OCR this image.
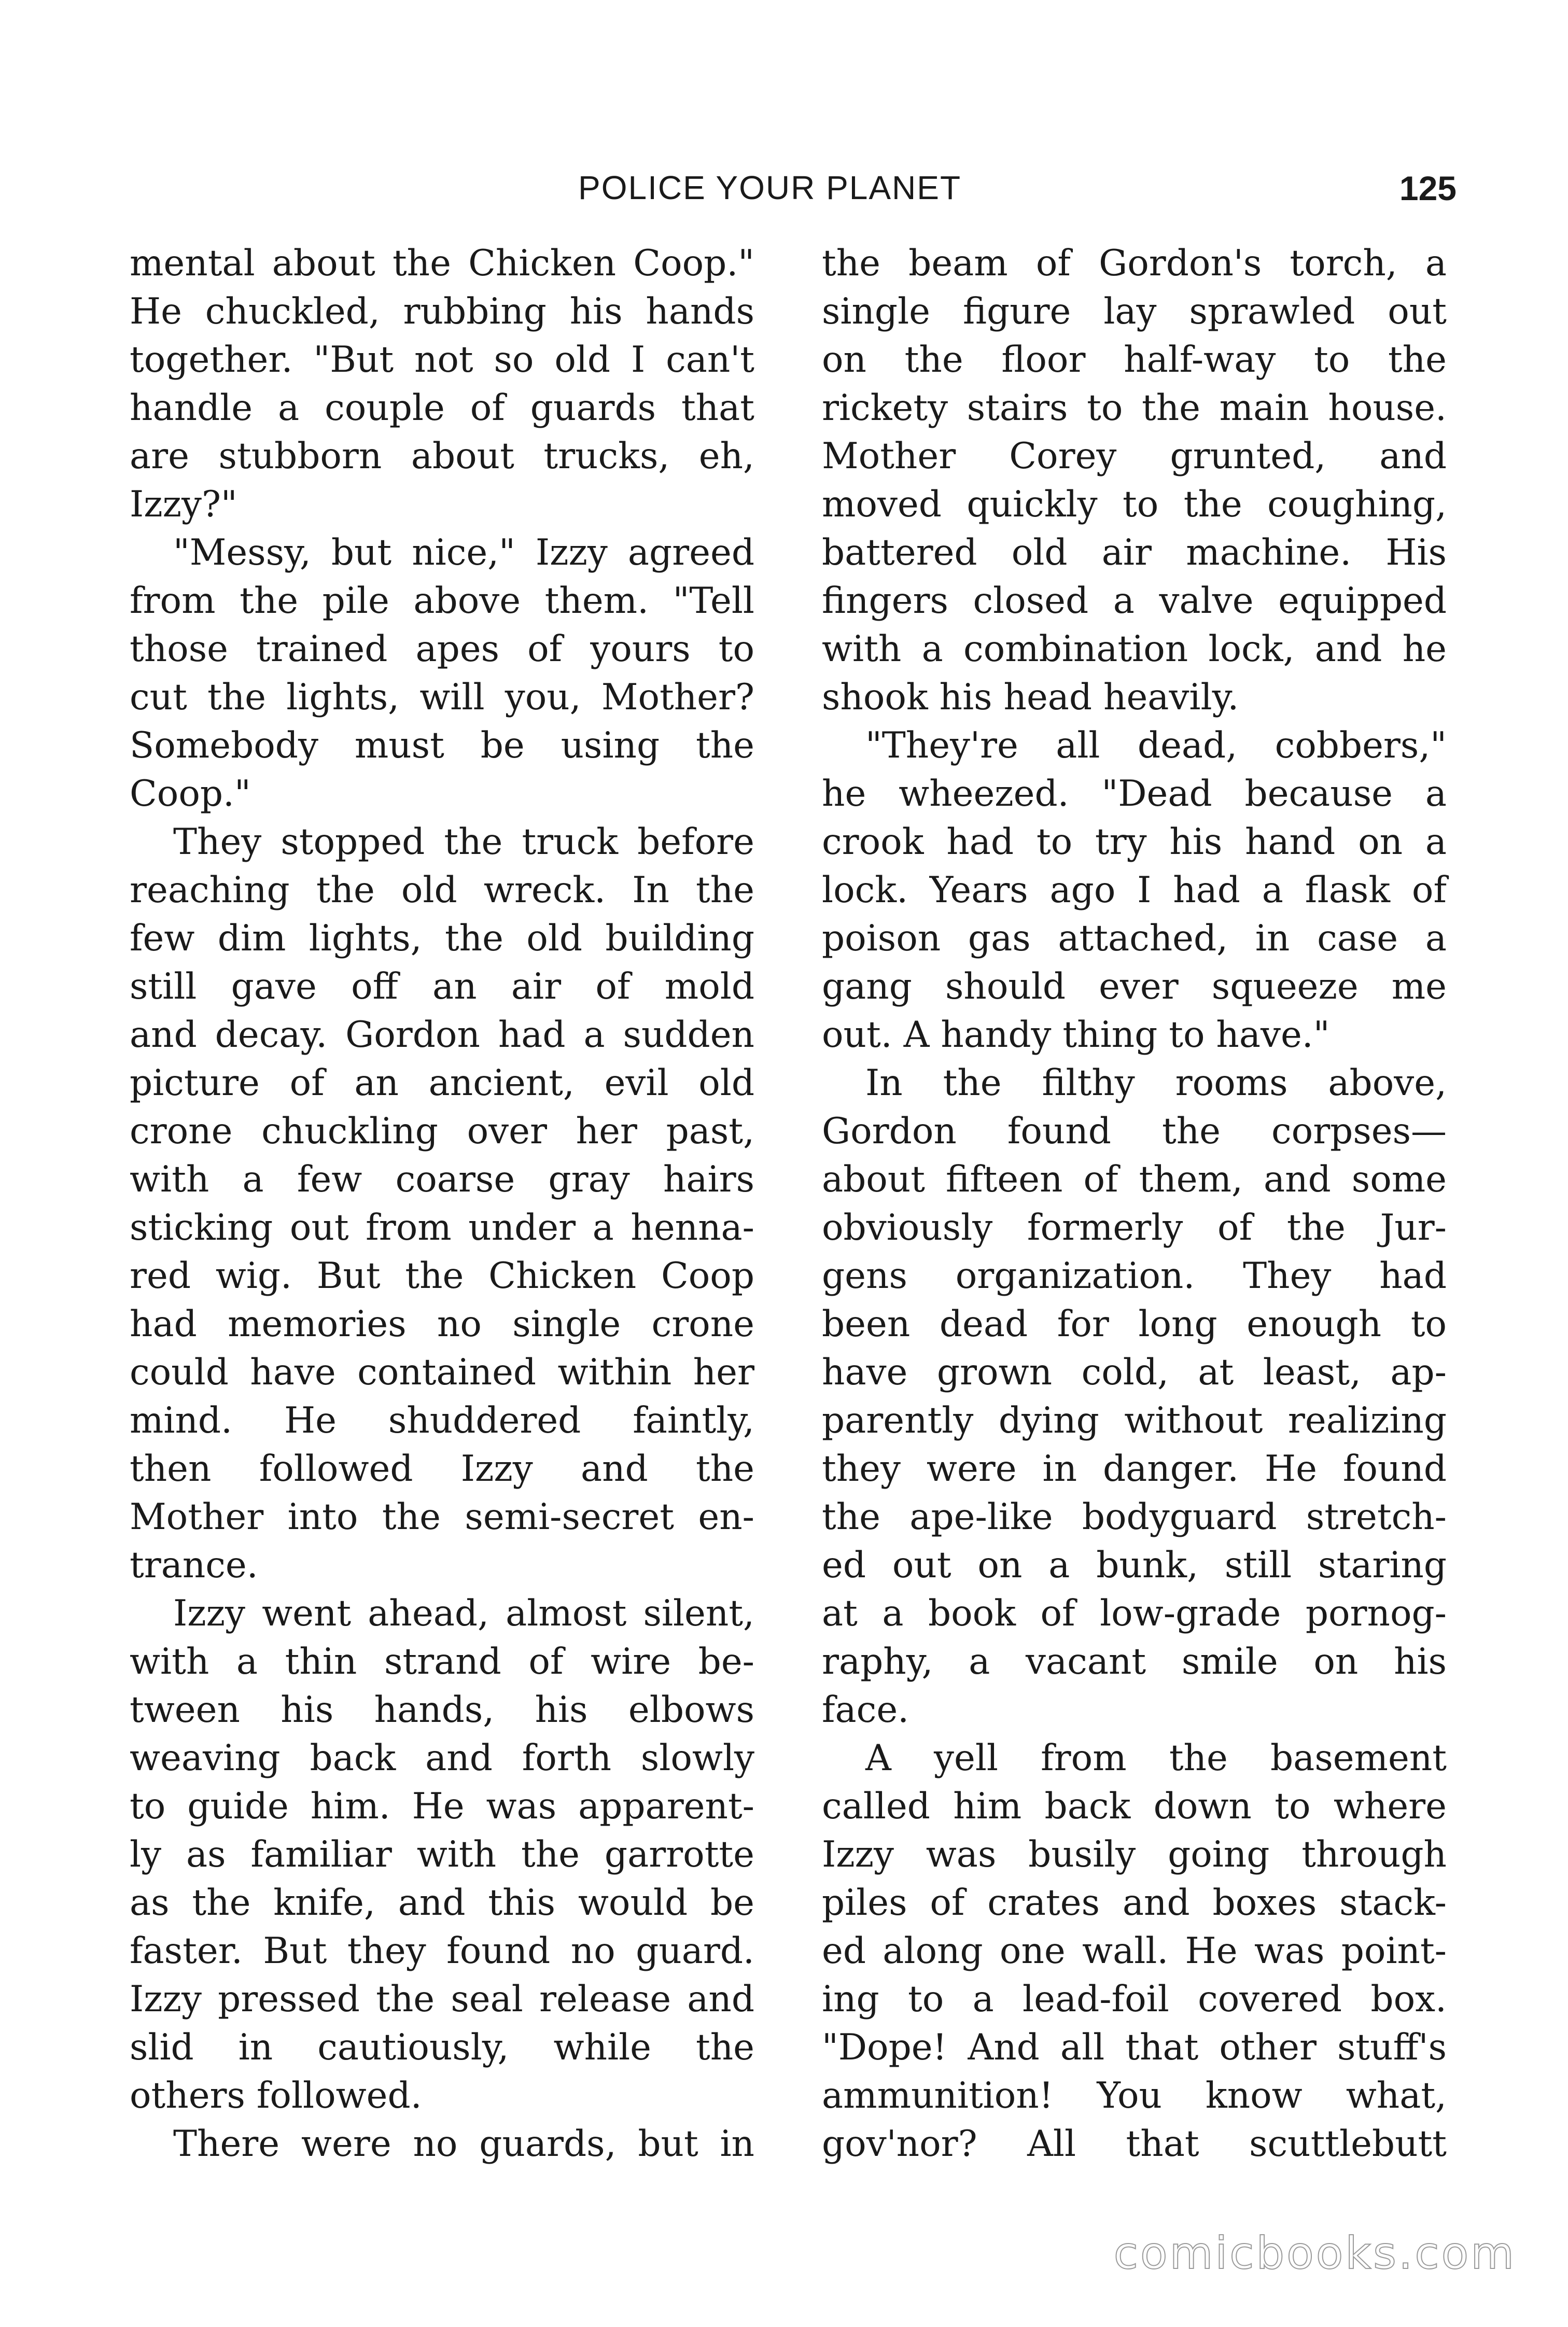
POLICE YOUR PLANET	125
mental about the Chicken Coop."
He chuckled, rubbing his hands
together. "But not so old I can't
handle a couple of guards that
are stubborn about trucks, eh,
Izzy?"
"Messy, but nice," Izzy agreed
from the pile above them. "Tell
those trained apes of yours to
cut the lights, will you, Mother?
Somebody must be using the
Coop."
They stopped the truck before
reaching the old wreck. In the
few dim lights, the old building
still gave off an air of mold
and decay. Gordon had a sudden
picture of an ancient, evil old
crone chuckling over her past,
with a few coarse gray hairs
sticking out from under a henna-
red wig. But the Chicken Coop
had memories no single crone
could have contained within her
mind. He shuddered faintly,
then followed Izzy and the
Mother into the semi-secret en-
trance.
Izzy went ahead, almost silent,
with a thin strand of wire be-
tween his hands, his elbows
weaving back and forth slowly
to guide him. He was apparent-
ly as familiar with the garrotte
as the knife, and this would be
faster. But they found no guard.
Izzy pressed the seal release and
slid in cautiously, while the
others followed.
There were no guards, but in
the beam of Gordon's torch, a
single figure lay sprawled out
on the floor half-way to the
rickety stairs to the main house.
Mother Corey grunted, and
moved quickly to the coughing,
battered old air machine. His
fingers closed a valve equipped
with a combination lock, and he
shook his head heavily.
"They're all dead, cobbers,"
he wheezed. "Dead because a
crook had to try his hand on a
lock. Years ago I had a flask of
poison gas attached, in case a
gang should ever squeeze me
out. A handy thing to have."
In the filthy rooms above,
Gordon found the corpses—
about fifteen of them, and some
obviously formerly of the Jur-
gens organization. They had
been dead for long enough to
have grown cold, at least, ap-
parently dying without realizing
they were in danger. He found
the ape-like bodyguard stretch-
ed out on a bunk, still staring
at a book of low-grade pornog-
raphy, a vacant smile on his
face.
A yell from the basement
called him back down to where
Izzy was busily going through
piles of crates and boxes stack-
ed along one wall. He was point-
ing to a lead-foil covered box.
"Dope! And all that other stuff's
ammunition! You know what,
gov'nor? All that scuttlebutt
comicbooks.com
